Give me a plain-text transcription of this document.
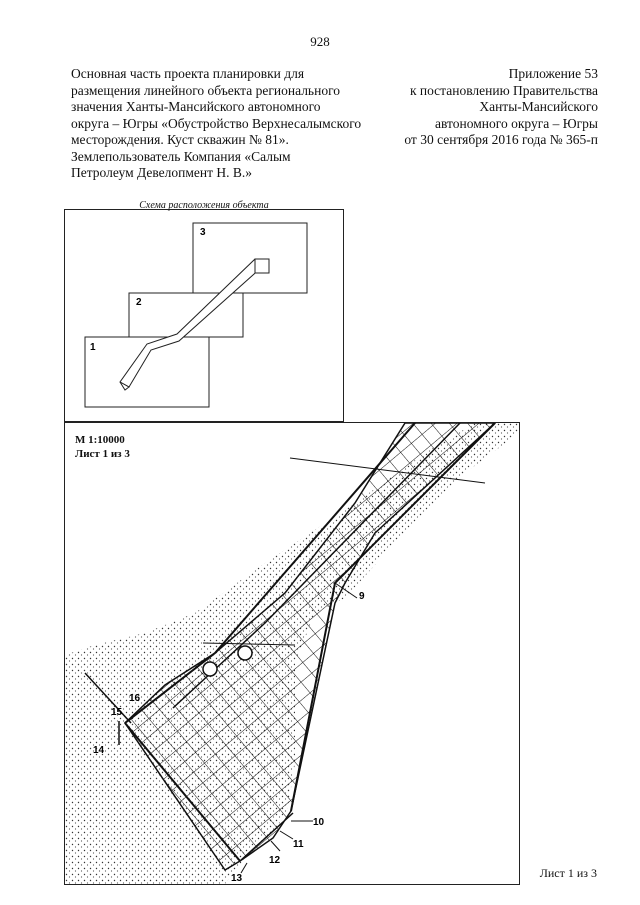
928
Основная часть проекта планировки для
размещения линейного объекта регионального
значения Ханты-Мансийского автономного
округа – Югры «Обустройство Верхнесалымского
месторождения. Куст скважин № 81».
Землепользователь Компания «Салым
Петролеум Девелопмент Н. В.»
Приложение 53
к постановлению Правительства
Ханты-Мансийского
автономного округа – Югры
от 30 сентября 2016 года № 365-п
Схема расположения объекта
3
2
1
9
10
11
12
13
14
15
16
М 1:10000
Лист 1 из 3
Лист 1 из 3
